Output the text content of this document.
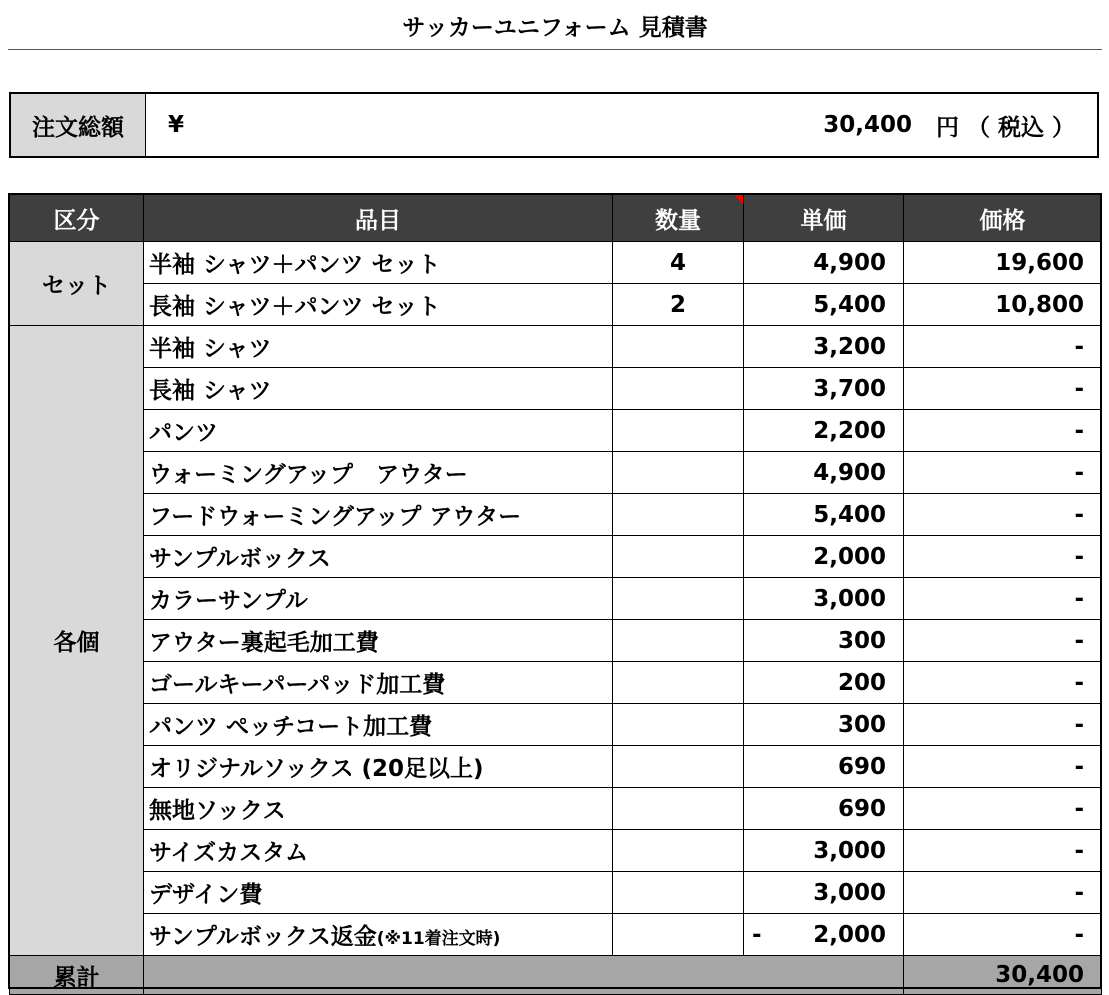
サッカーユニフォーム 見積書
注文総額	¥	30,400 円 （ 税込 ）
区分	品目	数量	単価	価格
セット	半袖 シャツ＋パンツ セット	4	4,900	19,600
	長袖 シャツ＋パンツ セット	2	5,400	10,800
各個	半袖 シャツ		3,200	-
	長袖 シャツ		3,700	-
	パンツ		2,200	-
	ウォーミングアップ　アウター		4,900	-
	フードウォーミングアップ アウター		5,400	-
	サンプルボックス		2,000	-
	カラーサンプル		3,000	-
	アウター裏起毛加工費		300	-
	ゴールキーパーパッド加工費		200	-
	パンツ ぺッチコート加工費		300	-
	オリジナルソックス (20足以上)		690	-
	無地ソックス		690	-
	サイズカスタム		3,000	-
	デザイン費		3,000	-
	サンプルボックス返金(※11着注文時)		- 2,000	-
累計				30,400
